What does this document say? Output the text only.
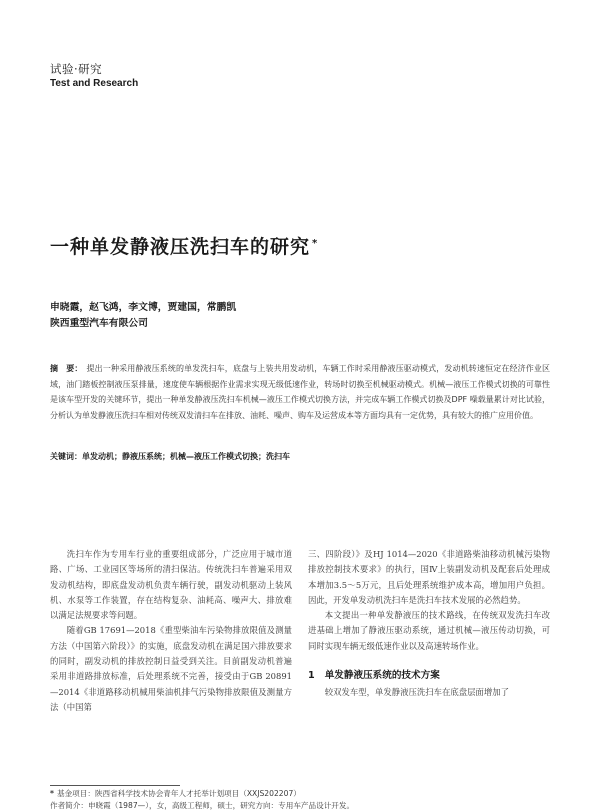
试验·研究
Test and Research
一种单发静液压洗扫车的研究 *
申晓霞，赵飞鸿，李文博，贾建国，常鹏凯
陕西重型汽车有限公司
摘　要： 提出一种采用静液压系统的单发洗扫车，底盘与上装共用发动机，车辆工作时采用静液压驱动模式，发动机转速恒定在经济作业区域，油门踏板控制液压泵排量，速度使车辆根据作业需求实现无级低速作业，转场时切换至机械驱动模式。机械—液压工作模式切换的可靠性是该车型开发的关键环节，提出一种单发静液压洗扫车机械—液压工作模式切换方法，并完成车辆工作模式切换及DPF 噪载量累计对比试验，分析认为单发静液压洗扫车相对传统双发清扫车在排放、油耗、噪声、购车及运营成本等方面均具有一定优势，具有较大的推广应用价值。
关键词：单发动机；静液压系统；机械—液压工作模式切换；洗扫车

洗扫车作为专用车行业的重要组成部分，广泛应用于城市道路、广场、工业园区等场所的清扫保洁。传统洗扫车普遍采用双发动机结构，即底盘发动机负责车辆行驶，副发动机驱动上装风机、水泵等工作装置，存在结构复杂、油耗高、噪声大、排放难以满足法规要求等问题。

随着GB 17691—2018《重型柴油车污染物排放限值及测量方法（中国第六阶段）》的实施，底盘发动机在满足国六排放要求的同时，副发动机的排放控制日益受到关注。目前副发动机普遍采用非道路排放标准，后处理系统不完善，接受由于GB 20891—2014《非道路移动机械用柴油机排气污染物排放限值及测量方法（中国第

三、四阶段）》及HJ 1014—2020《非道路柴油移动机械污染物排放控制技术要求》的执行，国Ⅳ上装副发动机及配套后处理成本增加3.5～5万元，且后处理系统维护成本高，增加用户负担。因此，开发单发动机洗扫车是洗扫车技术发展的必然趋势。

本文提出一种单发静液压的技术路线，在传统双发洗扫车改进基础上增加了静液压驱动系统，通过机械—液压传动切换，可同时实现车辆无级低速作业以及高速转场作业。

1 单发静液压系统的技术方案

较双发车型，单发静液压洗扫车在底盘层面增加了

* 基金项目：陕西省科学技术协会青年人才托举计划项目（XXJS202207）
作者简介：申晓霞（1987—），女，高级工程师，硕士，研究方向：专用车产品设计开发。
